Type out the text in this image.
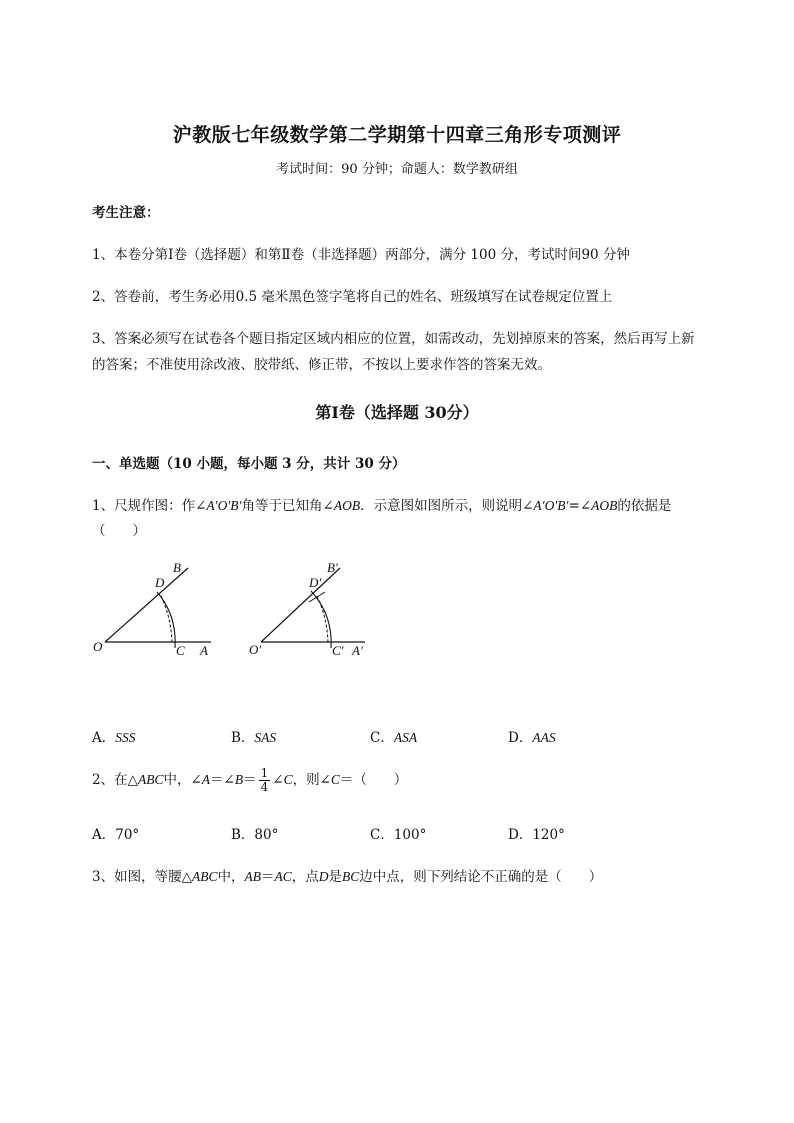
沪教版七年级数学第二学期第十四章三角形专项测评
考试时间：90 分钟；命题人：数学教研组
考生注意：
1、本卷分第Ⅰ卷（选择题）和第Ⅱ卷（非选择题）两部分，满分 100 分，考试时间90 分钟
2、答卷前，考生务必用0.5 毫米黑色签字笔将自己的姓名、班级填写在试卷规定位置上
3、答案必须写在试卷各个题目指定区域内相应的位置，如需改动，先划掉原来的答案，然后再写上新
的答案；不准使用涂改液、胶带纸、修正带，不按以上要求作答的答案无效。
第Ⅰ卷（选择题 30分）
一、单选题（10 小题，每小题 3 分，共计 30 分）
1、尺规作图：作∠A′O′B′角等于已知角∠AOB．示意图如图所示，则说明∠A′O′B′=∠AOB的依据是
（　　）
D
B
O	C A
D′
B′
O′	C′ A′
A．SSS	B．SAS	C．ASA	D．AAS
2、在△ABC中，∠A＝∠B＝ $\frac{1}{4}$ ∠C，则∠C＝（　　）
A．70°	B．80°	C．100°	D．120°
3、如图，等腰△ABC中，AB＝AC，点D是BC边中点，则下列结论不正确的是（　　）
